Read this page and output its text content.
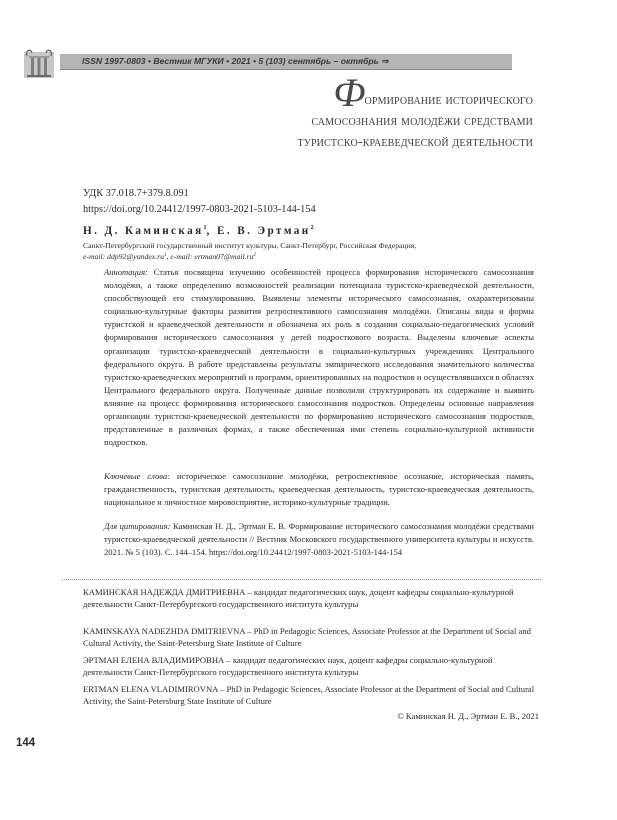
ISSN 1997-0803 • Вестник МГУКИ • 2021 • 5 (103) сентябрь – октябрь ⇒
Формирование исторического
самосознания молодёжи средствами
туристско-краеведческой деятельности
УДК 37.018.7+379.8.091
https://doi.org/10.24412/1997-0803-2021-5103-144-154
Н. Д. Каминская$^1$, Е. В. Эртман$^2$
Санкт-Петербургский государственный институт культуры, Санкт-Петербург, Российская Федерация,
e-mail: $ddp92@yandex.ru^1$, e-mail: $ertman07@mail.ru^2$
Аннотация: Статья посвящена изучению особенностей процесса формирования исторического самосознания молодёжи, а также определению возможностей реализации потенциала туристско-краеведческой деятельности, способствующей его стимулированию. Выявлены элементы исторического самосознания, охарактеризованы социально-культурные факторы развития ретроспективного самосознания молодёжи. Описаны виды и формы туристской и краеведческой деятельности и обозначена их роль в создании социально-педагогических условий формирования исторического самосознания у детей подросткового возраста. Выделены ключевые аспекты организации туристско-краеведческой деятельности в социально-культурных учреждениях Центрального федерального округа. В работе представлены результаты эмпирического исследования значительного количества туристско-краеведческих мероприятий и программ, ориентированных на подростков и осуществлявшихся в областях Центрального федерального округа. Полученные данные позволили структурировать их содержание и выявить влияние на процесс формирования исторического самосознания подростков. Определены основные направления организации туристско-краеведческой деятельности по формированию исторического самосознания подростков, представленные в различных формах, а также обеспеченная ими степень социально-культурной активности подростков.
Ключевые слова: историческое самосознание молодёжи, ретроспективное осознание, историческая память, гражданственность, туристская деятельность, краеведческая деятельность, туристско-краеведческая деятельность, национальное и личностное мировосприятие, историко-культурные традиции.
Для цитирования: Каминская Н. Д., Эртман Е. В. Формирование исторического самосознания молодёжи средствами туристско-краеведческой деятельности // Вестник Московского государственного университета культуры и искусств. 2021. № 5 (103). С. 144–154. https://doi.org/10.24412/1997-0803-2021-5103-144-154
КАМИНСКАЯ НАДЕЖДА ДМИТРИЕВНА – кандидат педагогических наук, доцент кафедры социально-культурной деятельности Санкт-Петербургского государственного института культуры
KAMINSKAYA NADEZHDA DMITRIEVNA – PhD in Pedagogic Sciences, Associate Professor at the Department of Social and Cultural Activity, the Saint-Petersburg State Institute of Culture
ЭРТМАН ЕЛЕНА ВЛАДИМИРОВНА – кандидат педагогических наук, доцент кафедры социально-культурной деятельности Санкт-Петербургского государственного института культуры
ERTMAN ELENA VLADIMIROVNA – PhD in Pedagogic Sciences, Associate Professor at the Department of Social and Cultural Activity, the Saint-Petersburg State Institute of Culture
© Каминская Н. Д., Эртман Е. В., 2021
144
